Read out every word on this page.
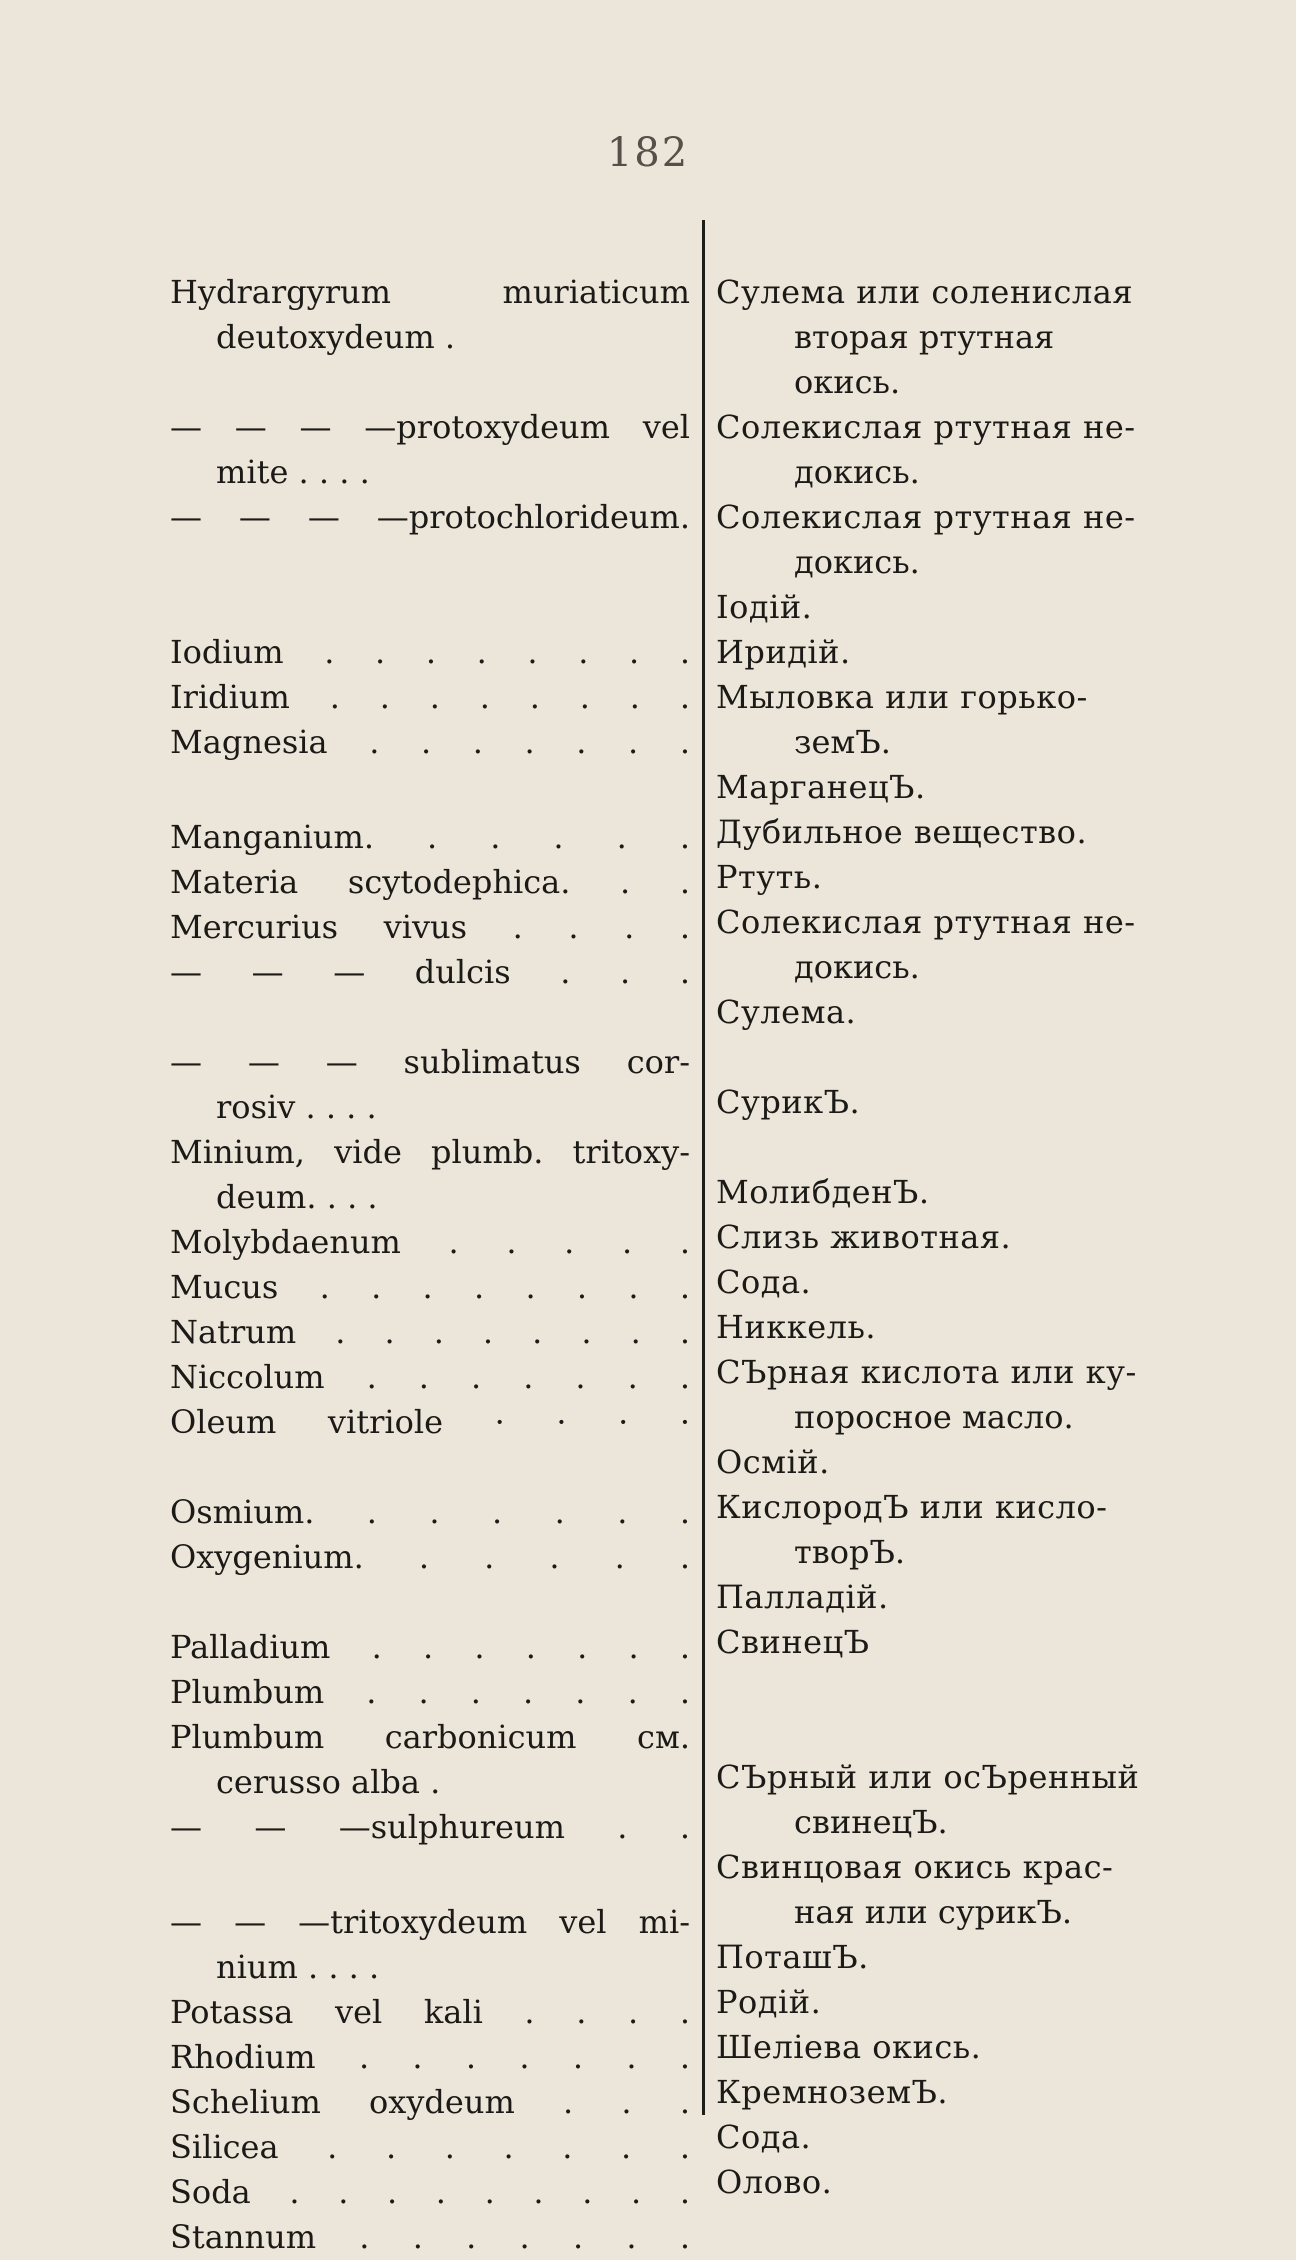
182
Hydrargyrum muriaticum
deutoxydeum .
— — — —protoxydeum vel
mite . . . .
— — — —protochlorideum.
Iodium . . . . . . . .
Iridium . . . . . . . .
Magnesia . . . . . . .
Manganium. . . . . .
Materia scytodephica. . .
Mercurius vivus . . . .
— — — dulcis . . .
— — — sublimatus cor-
rosiv . . . .
Minium, vide plumb. tritoxy-
deum. . . .
Molybdaenum . . . . .
Mucus . . . . . . . .
Natrum . . . . . . . .
Niccolum . . . . . . .
Oleum vitriole · · · ·
Osmium. . . . . . .
Oxygenium. . . . . .
Palladium . . . . . . .
Plumbum . . . . . . .
Plumbum carbonicum см.
cerusso alba .
— — —sulphureum . .
— — —tritoxydeum vel mi-
nium . . . .
Potassa vel kali . . . .
Rhodium . . . . . . .
Schelium oxydeum . . .
Silicea . . . . . . .
Soda . . . . . . . . .
Stannum . . . . . . .
Сулема или соленислая
вторая ртутная
окись.
Солекислая ртутная не-
докись.
Солекислая ртутная не-
докись.
Іодій.
Иридій.
Мыловка или горько-
земЪ.
МарганецЪ.
Дубильное вещество.
Ртуть.
Солекислая ртутная не-
докись.
Сулема.
СурикЪ.
МолибденЪ.
Слизь животная.
Сода.
Никкель.
СЪрная кислота или ку-
поросное масло.
Осмій.
КислородЪ или кисло-
творЪ.
Палладій.
СвинецЪ
СЪрный или осЪренный
свинецЪ.
Свинцовая окись крас-
ная или сурикЪ.
ПоташЪ.
Родій.
Шеліева окись.
КремноземЪ.
Сода.
Олово.
